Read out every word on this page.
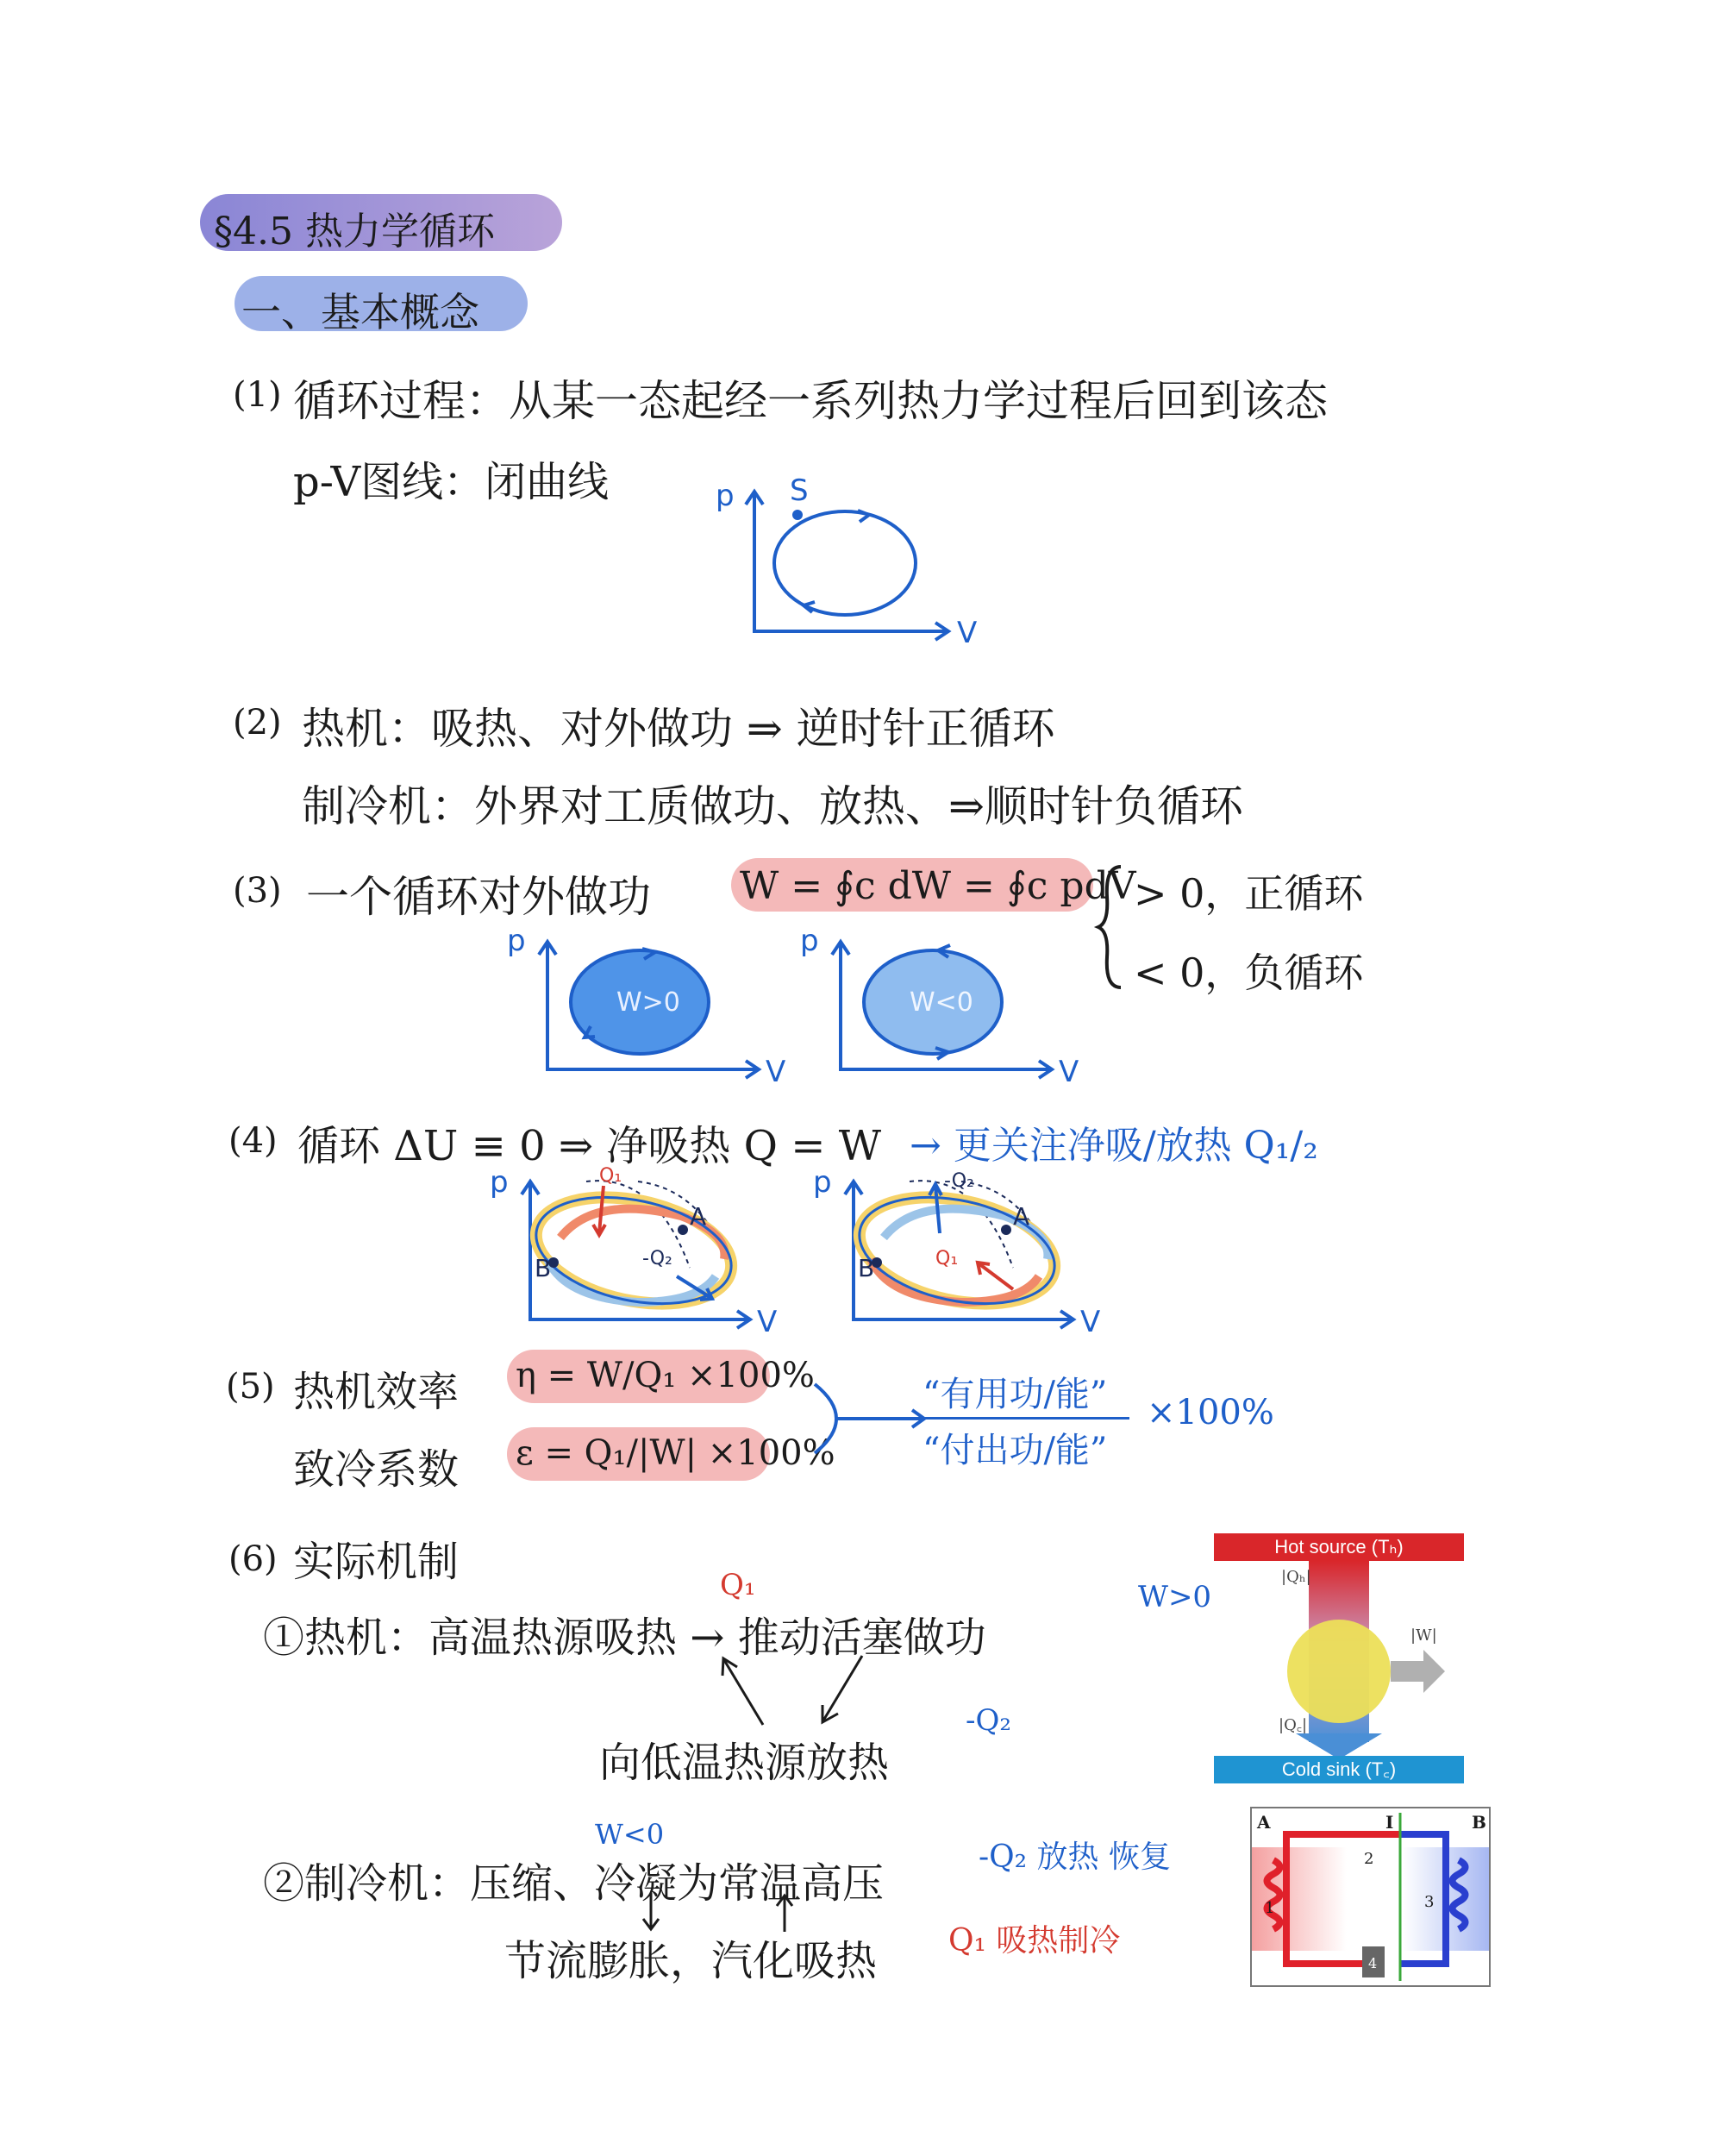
§4.5 热力学循环
一、基本概念
(1) 循环过程：从某一态起经一系列热力学过程后回到该态
p-V图线：闭曲线	p
V
S
(2) 热机：吸热、对外做功 ⇒ 逆时针正循环
制冷机：外界对工质做功、放热、⇒顺时针负循环
(3) 一个循环对外做功 W = ∮c dW = ∮c pdV
> 0，正循环
< 0，负循环
W>0
p
V
W<0
p
V
(4) 循环 ΔU ≡ 0 ⇒ 净吸热 Q = W → 更关注净吸/放热 Q₁/₂
Q₁
-Q₂
A
B
p
V
-Q₂
Q₁
A
B
p
V
(5) 热机效率 η = W/Q₁ ×100%
致冷系数 ε = Q₁/|W| ×100%
“有用功/能”
“付出功/能”
×100%
(6) 实际机制	Q₁	W>0
①热机：高温热源吸热 → 推动活塞做功
向低温热源放热
-Q₂
W<0
②制冷机：压缩、冷凝为常温高压
-Q₂ 放热 恢复
节流膨胀，汽化吸热 Q₁ 吸热制冷
Hot source (Tₕ)
|Qₕ|
|Q꜀|
|W|
Cold sink (T꜀)
A	B
I
1
2
3
4
